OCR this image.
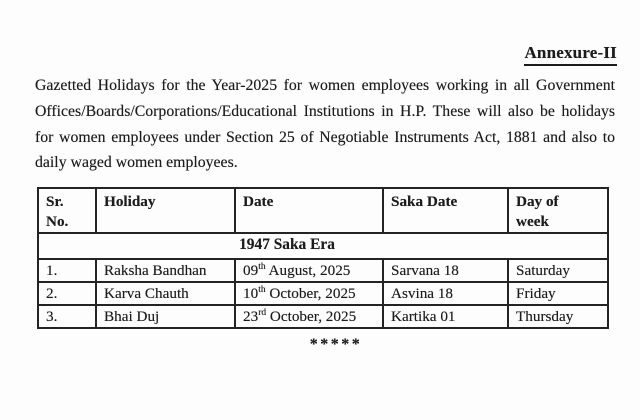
Annexure-II
Gazetted Holidays for the Year-2025 for women employees working in all Government
Offices/Boards/Corporations/Educational Institutions in H.P. These will also be holidays
for women employees under Section 25 of Negotiable Instruments Act, 1881 and also to
daily waged women employees.
Sr. No.	Holiday	Date	Saka Date	Day of week
1947 Saka Era				
1.	Raksha Bandhan	09th August, 2025	Sarvana 18	Saturday
2.	Karva Chauth	10th October, 2025	Asvina 18	Friday
3.	Bhai Duj	23rd October, 2025	Kartika 01	Thursday
*****
